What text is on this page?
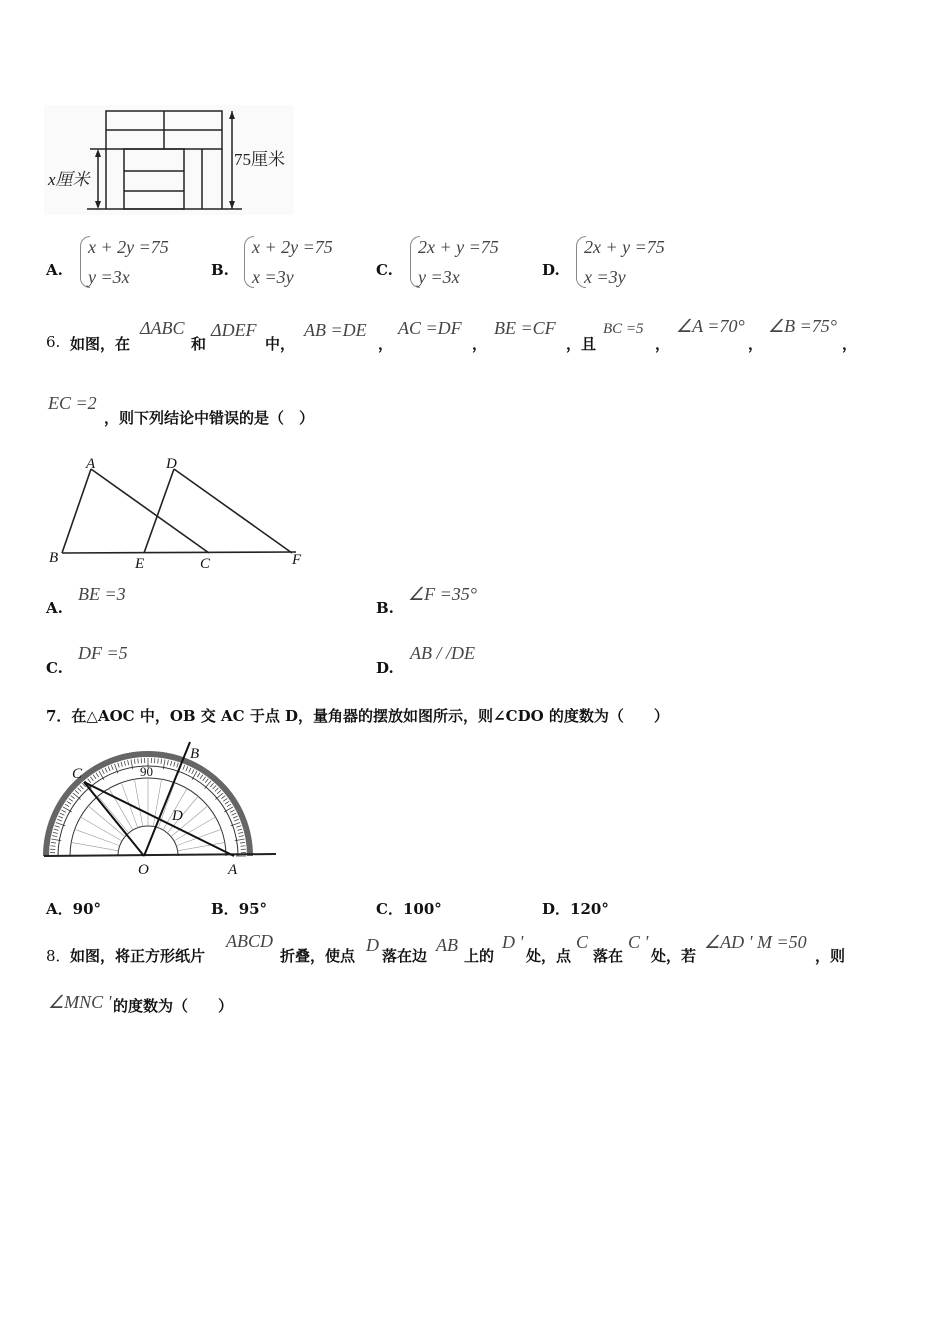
75厘米
x厘米
A.
x + 2y =75
y =3x	B.
x + 2y =75
x =3y	C.
2x + y =75
y =3x	D.
2x + y =75
x =3y
6. 如图，在
ΔABC
和
ΔDEF
中，
AB =DE
，
AC =DF
，
BE =CF
，且
BC =5
，
∠A =70°
，
∠B =75°
，
EC =2
，则下列结论中错误的是（　）
A	D
B	E	C	F
A.
BE =3
B.
∠F =35°
C.
DF =5
D.
AB / /DE
7．在△AOC 中，OB 交 AC 于点 D，量角器的摆放如图所示，则∠CDO 的度数为（　　）
90
B
C
D
O	A
A．90°	B．95°	C．100°	D．120°
8． 如图，将正方形纸片
ABCD
折叠，使点
D
落在边
AB
上的
D '
处，点
C
落在
C '
处，若
∠AD ' M =50
，则
∠MNC ' 的度数为（　　）
